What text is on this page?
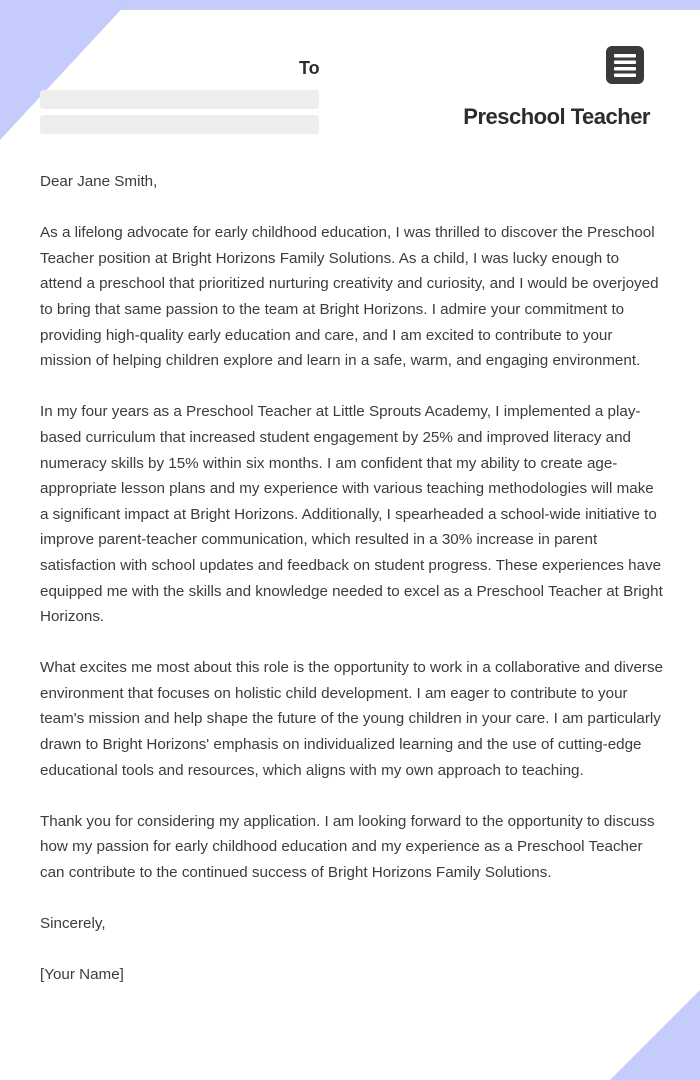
To
Preschool Teacher

Dear Jane Smith,

As a lifelong advocate for early childhood education, I was thrilled to discover the Preschool Teacher position at Bright Horizons Family Solutions. As a child, I was lucky enough to attend a preschool that prioritized nurturing creativity and curiosity, and I would be overjoyed to bring that same passion to the team at Bright Horizons. I admire your commitment to providing high-quality early education and care, and I am excited to contribute to your mission of helping children explore and learn in a safe, warm, and engaging environment.

In my four years as a Preschool Teacher at Little Sprouts Academy, I implemented a play-based curriculum that increased student engagement by 25% and improved literacy and numeracy skills by 15% within six months. I am confident that my ability to create age-appropriate lesson plans and my experience with various teaching methodologies will make a significant impact at Bright Horizons. Additionally, I spearheaded a school-wide initiative to improve parent-teacher communication, which resulted in a 30% increase in parent satisfaction with school updates and feedback on student progress. These experiences have equipped me with the skills and knowledge needed to excel as a Preschool Teacher at Bright Horizons.

What excites me most about this role is the opportunity to work in a collaborative and diverse environment that focuses on holistic child development. I am eager to contribute to your team's mission and help shape the future of the young children in your care. I am particularly drawn to Bright Horizons' emphasis on individualized learning and the use of cutting-edge educational tools and resources, which aligns with my own approach to teaching.

Thank you for considering my application. I am looking forward to the opportunity to discuss how my passion for early childhood education and my experience as a Preschool Teacher can contribute to the continued success of Bright Horizons Family Solutions.

Sincerely,

[Your Name]
